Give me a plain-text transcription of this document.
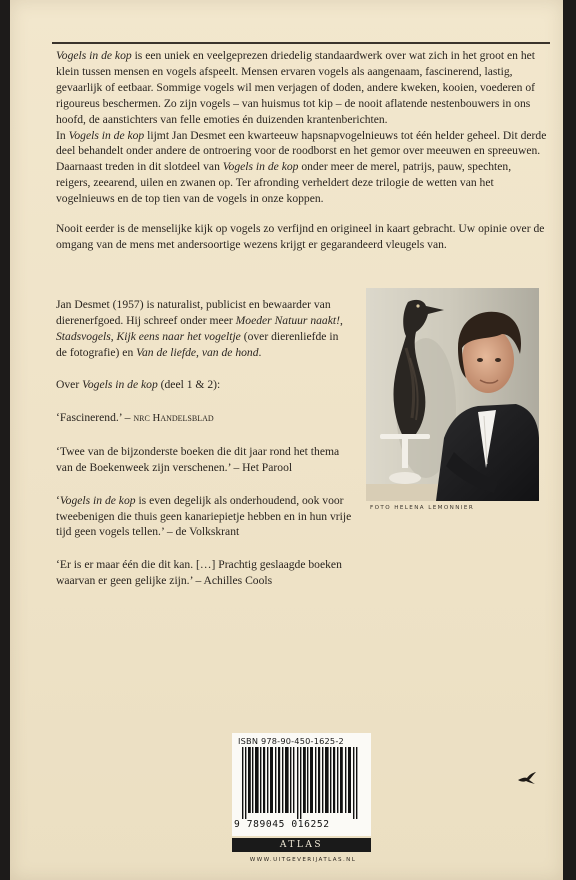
Vogels in de kop is een uniek en veelgeprezen driedelig standaardwerk over wat zich in het groot en het klein tussen mensen en vogels afspeelt. Mensen ervaren vogels als aangenaam, fascinerend, lastig, gevaarlijk of eetbaar. Sommige vogels wil men verjagen of doden, andere kweken, kooien, voederen of rigoureus beschermen. Zo zijn vogels – van huismus tot kip – de nooit aflatende nestenbouwers in ons hoofd, de aanstichters van felle emoties én duizenden krantenberichten.
In Vogels in de kop lijmt Jan Desmet een kwarteeuw hapsnapvogelnieuws tot één helder geheel. Dit derde deel behandelt onder andere de ontroering voor de roodborst en het gemor over meeuwen en spreeuwen. Daarnaast treden in dit slotdeel van Vogels in de kop onder meer de merel, patrijs, pauw, spechten, reigers, zeearend, uilen en zwanen op. Ter afronding verheldert deze trilogie de wetten van het vogelnieuws en de top tien van de vogels in onze koppen.

Nooit eerder is de menselijke kijk op vogels zo verfijnd en origineel in kaart gebracht. Uw opinie over de omgang van de mens met andersoortige wezens krijgt er gegarandeerd vleugels van.

Jan Desmet (1957) is naturalist, publicist en bewaarder van dierenerfgoed. Hij schreef onder meer Moeder Natuur naakt!, Stadsvogels, Kijk eens naar het vogeltje (over dierenliefde in de fotografie) en Van de liefde, van de hond.

Over Vogels in de kop (deel 1 & 2):

‘Fascinerend.’ – nrc Handelsblad

‘Twee van de bijzonderste boeken die dit jaar rond het thema van de Boekenweek zijn verschenen.’ – Het Parool

‘Vogels in de kop is even degelijk als onderhoudend, ook voor tweebenigen die thuis geen kanariepietje hebben en in hun vrije tijd geen vogels tellen.’ – de Volkskrant

‘Er is er maar één die dit kan. […] Prachtig geslaagde boeken waarvan er geen gelijke zijn.’ – Achilles Cools

FOTO HELENA LEMONNIER
ISBN 978-90-450-1625-2
9 789045 016252
ATLAS
WWW.UITGEVERIJATLAS.NL
